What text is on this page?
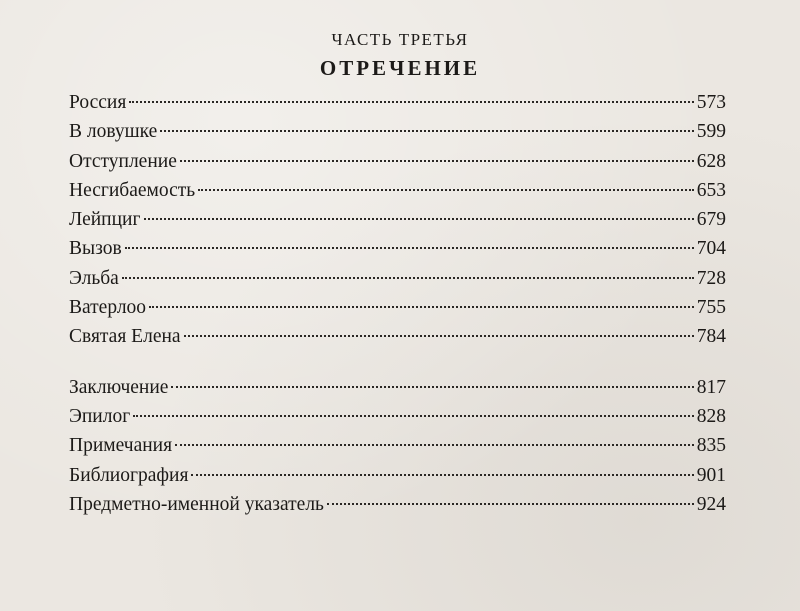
ЧАСТЬ ТРЕТЬЯ
ОТРЕЧЕНИЕ
Россия	573
В ловушке	599
Отступление	628
Несгибаемость	653
Лейпциг	679
Вызов	704
Эльба	728
Ватерлоо	755
Святая Елена	784
Заключение	817
Эпилог	828
Примечания	835
Библиография	901
Предметно-именной указатель	924
